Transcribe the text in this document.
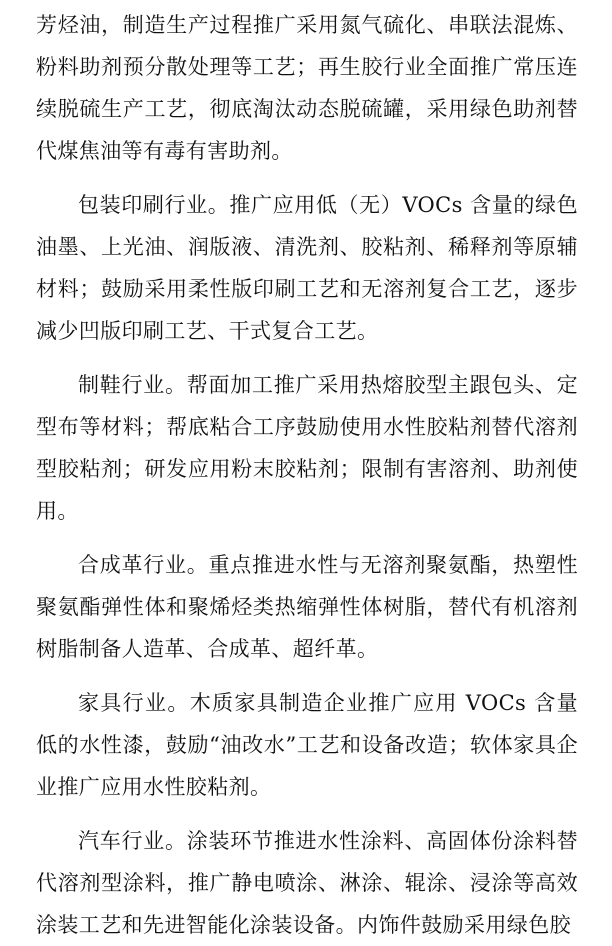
芳烃油，制造生产过程推广采用氮气硫化、串联法混炼、粉料助剂预分散处理等工艺；再生胶行业全面推广常压连续脱硫生产工艺，彻底淘汰动态脱硫罐，采用绿色助剂替代煤焦油等有毒有害助剂。

包装印刷行业。推广应用低（无）VOCs 含量的绿色油墨、上光油、润版液、清洗剂、胶粘剂、稀释剂等原辅材料；鼓励采用柔性版印刷工艺和无溶剂复合工艺，逐步减少凹版印刷工艺、干式复合工艺。

制鞋行业。帮面加工推广采用热熔胶型主跟包头、定型布等材料；帮底粘合工序鼓励使用水性胶粘剂替代溶剂型胶粘剂；研发应用粉末胶粘剂；限制有害溶剂、助剂使用。

合成革行业。重点推进水性与无溶剂聚氨酯，热塑性聚氨酯弹性体和聚烯烃类热缩弹性体树脂，替代有机溶剂树脂制备人造革、合成革、超纤革。

家具行业。木质家具制造企业推广应用 VOCs 含量低的水性漆，鼓励“油改水”工艺和设备改造；软体家具企业推广应用水性胶粘剂。

汽车行业。涂装环节推进水性涂料、高固体份涂料替代溶剂型涂料，推广静电喷涂、淋涂、辊涂、浸涂等高效涂装工艺和先进智能化涂装设备。内饰件鼓励采用绿色胶
